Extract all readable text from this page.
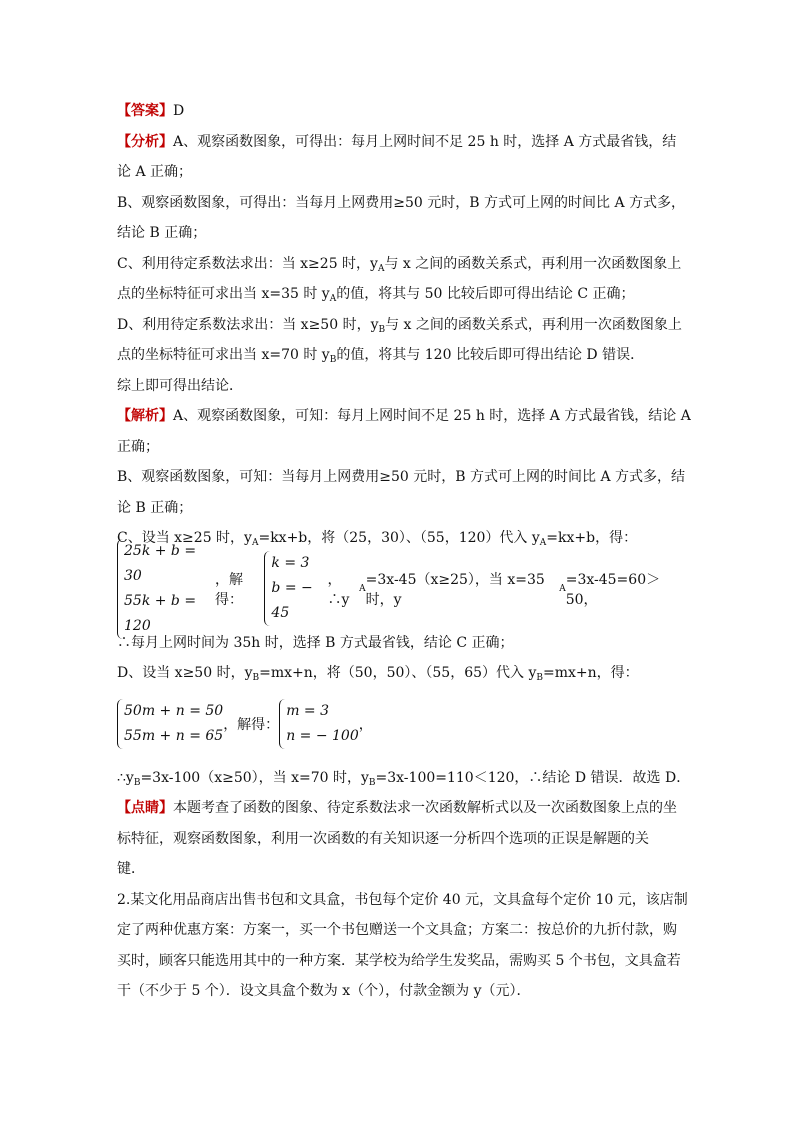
【答案】D
【分析】A、观察函数图象，可得出：每月上网时间不足 25 h 时，选择 A 方式最省钱，结
论 A 正确；
B、观察函数图象，可得出：当每月上网费用≥50 元时，B 方式可上网的时间比 A 方式多，
结论 B 正确；
C、利用待定系数法求出：当 x≥25 时，$y_A$与 x 之间的函数关系式，再利用一次函数图象上
点的坐标特征可求出当 x=35 时 $y_A$的值，将其与 50 比较后即可得出结论 C 正确；
D、利用待定系数法求出：当 x≥50 时，$y_B$与 x 之间的函数关系式，再利用一次函数图象上
点的坐标特征可求出当 x=70 时 $y_B$的值，将其与 120 比较后即可得出结论 D 错误．
综上即可得出结论．
【解析】A、观察函数图象，可知：每月上网时间不足 25 h 时，选择 A 方式最省钱，结论 A
正确；
B、观察函数图象，可知：当每月上网费用≥50 元时，B 方式可上网的时间比 A 方式多，结
论 B 正确；
C、设当 x≥25 时，$y_A=kx+b$，将（25，30）、（55，120）代入 $y_A=kx+b$，得：
25k + b = 30
55k + b = 120
，解得：
k = 3
b = − 45
，∴y
A
=3x-45（x≥25），当 x=35 时，y
A
=3x-45=60＞50，
∴每月上网时间为 35h 时，选择 B 方式最省钱，结论 C 正确；
D、设当 x≥50 时，$y_B=mx+n$，将（50，50）、（55，65）代入 $y_B=mx+n$，得：
50m + n = 50
55m + n = 65
，解得：
m = 3
n = − 100
，
$\therefore y_B=3x-100(x\ge 50)$，当 x=70 时，$y_B=3x-100=110<120$，∴结论 D 错误．故选 D．
【点睛】本题考查了函数的图象、待定系数法求一次函数解析式以及一次函数图象上点的坐
标特征，观察函数图象，利用一次函数的有关知识逐一分析四个选项的正误是解题的关
键．
2.某文化用品商店出售书包和文具盒，书包每个定价 40 元，文具盒每个定价 10 元，该店制
定了两种优惠方案：方案一，买一个书包赠送一个文具盒；方案二：按总价的九折付款，购
买时，顾客只能选用其中的一种方案．某学校为给学生发奖品，需购买 5 个书包，文具盒若
干（不少于 5 个）．设文具盒个数为 x（个），付款金额为 y（元）．
